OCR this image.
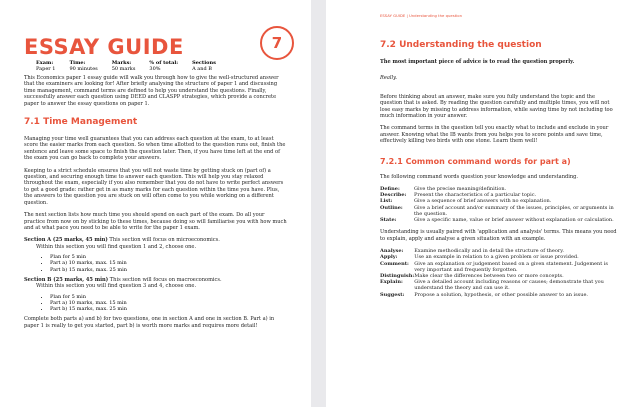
ESSAY GUIDE	7
Exam:	Time:	Marks:	% of total:	Sections
Paper 1	90 minutes	50 marks	30%	A and B

This Economics paper 1 essay guide will walk you through how to give the well-structured answer that the examiners are looking for! After briefly analysing the structure of paper 1 and discussing time management, command terms are defined to help you understand the questions. Finally, successfully answer each question using DEED and CLASPP strategies, which provide a concrete paper to answer the essay questions on paper 1.

7.1 Time Management

Managing your time well guarantees that you can address each question at the exam, to at least score the easier marks from each question. So when time allotted to the question runs out, finish the sentence and leave some space to finish the question later. Then, if you have time left at the end of the exam you can go back to complete your answers.

Keeping to a strict schedule ensures that you will not waste time by getting stuck on (part of) a question, and securing enough time to answer each question. This will help you stay relaxed throughout the exam, especially if you also remember that you do not have to write perfect answers to get a good grade: rather get in as many marks for each question within the time you have. Plus, the answers to the question you are stuck on will often come to you while working on a different question.

The next section lists how much time you should spend on each part of the exam. Do all your practice from now on by sticking to these times, because doing so will familiarise you with how much and at what pace you need to be able to write for the paper 1 exam.

Section A (25 marks, 45 min) This section will focus on microeconomics.
Within this section you will find question 1 and 2, choose one.
• Plan for 5 min
• Part a) 10 marks, max. 15 min
• Part b) 15 marks, max. 25 min
Section B (25 marks, 45 min) This section will focus on macroeconomics.
Within this section you will find question 3 and 4, choose one.
• Plan for 5 min
• Part a) 10 marks, max. 15 min
• Part b) 15 marks, max. 25 min

Complete both parts a) and b) for two questions, one in section A and one in section B. Part a) in paper 1 is really to get you started, part b) is worth more marks and requires more detail!

ESSAY GUIDE | Understanding the question
7.2 Understanding the question

The most important piece of advice is to read the question properly.

Really.

Before thinking about an answer, make sure you fully understand the topic and the question that is asked. By reading the question carefully and multiple times, you will not lose easy marks by missing to address information, while saving time by not including too much information in your answer.

The command terms in the question tell you exactly what to include and exclude in your answer. Knowing what the IB wants from you helps you to score points and save time, effectively killing two birds with one stone. Learn them well!

7.2.1 Common command words for part a)

The following command words question your knowledge and understanding.

Define:	Give the precise meaning/definition.
Describe:	Present the characteristics of a particular topic.
List:	Give a sequence of brief answers with no explanation.
Outline:	Give a brief account and/or summary of the issues, principles, or arguments in the question.
State:	Give a specific name, value or brief answer without explanation or calculation.

Understanding is usually paired with 'application and analysis' terms. This means you need to explain, apply and analyse a given situation with an example.

Analyse:	Examine methodically and in detail the structure of theory.
Apply:	Use an example in relation to a given problem or issue provided.
Comment:	Give an explanation or judgement based on a given statement. Judgement is very important and frequently forgotten.
Distinguish:	Make clear the differences between two or more concepts.
Explain:	Give a detailed account including reasons or causes; demonstrate that you understand the theory and can use it.
Suggest:	Propose a solution, hypothesis, or other possible answer to an issue.
